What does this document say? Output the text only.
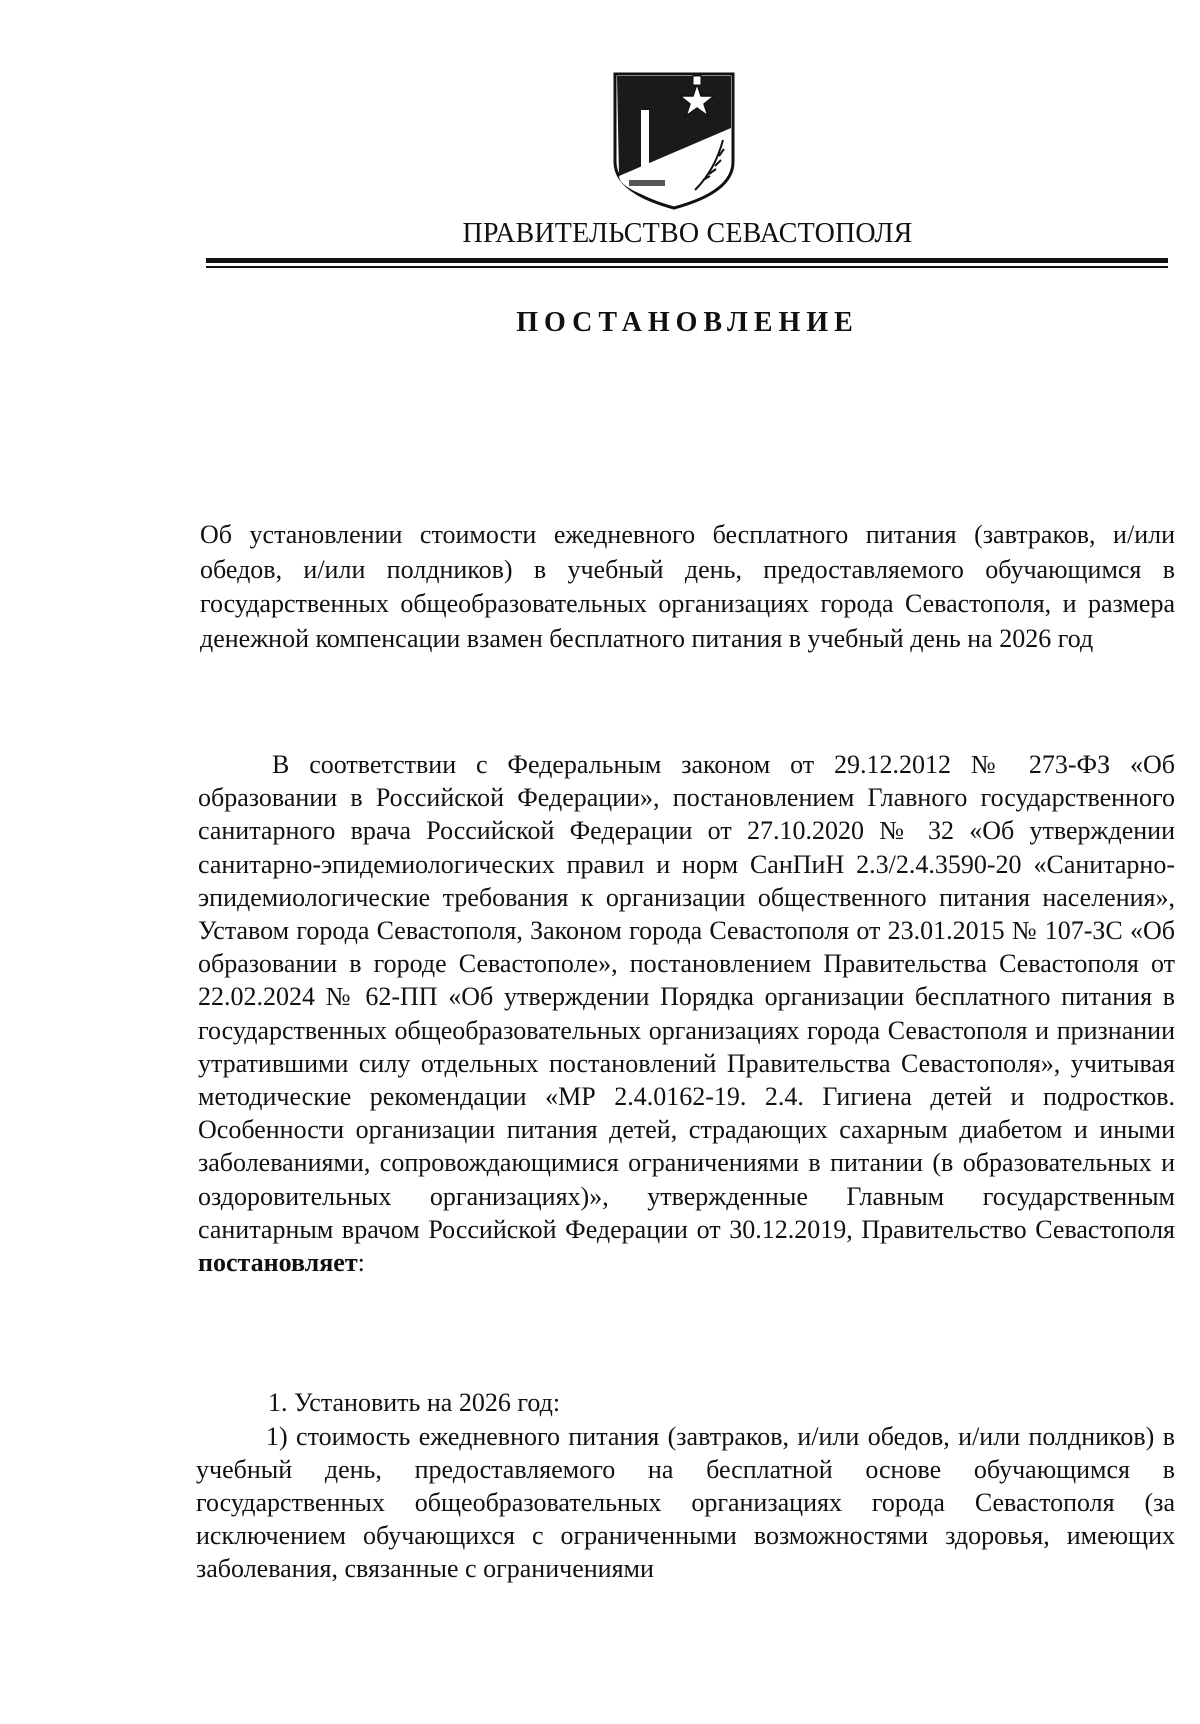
ПРАВИТЕЛЬСТВО СЕВАСТОПОЛЯ
ПОСТАНОВЛЕНИЕ

Об установлении стоимости ежедневного бесплатного питания (завтраков, и/или обедов, и/или полдников) в учебный день, предоставляемого обучающимся в государственных общеобразовательных организациях города Севастополя, и размера денежной компенсации взамен бесплатного питания в учебный день на 2026 год

В соответствии с Федеральным законом от 29.12.2012 № 273-ФЗ «Об образовании в Российской Федерации», постановлением Главного государственного санитарного врача Российской Федерации от 27.10.2020 № 32 «Об утверждении санитарно-эпидемиологических правил и норм СанПиН 2.3/2.4.3590-20 «Санитарно-эпидемиологические требования к организации общественного питания населения», Уставом города Севастополя, Законом города Севастополя от 23.01.2015 № 107-ЗС «Об образовании в городе Севастополе», постановлением Правительства Севастополя от 22.02.2024 № 62-ПП «Об утверждении Порядка организации бесплатного питания в государственных общеобразовательных организациях города Севастополя и признании утратившими силу отдельных постановлений Правительства Севастополя», учитывая методические рекомендации «МР 2.4.0162-19. 2.4. Гигиена детей и подростков. Особенности организации питания детей, страдающих сахарным диабетом и иными заболеваниями, сопровождающимися ограничениями в питании (в образовательных и оздоровительных организациях)», утвержденные Главным государственным санитарным врачом Российской Федерации от 30.12.2019, Правительство Севастополя постановляет:

1. Установить на 2026 год:

1) стоимость ежедневного питания (завтраков, и/или обедов, и/или полдников) в учебный день, предоставляемого на бесплатной основе обучающимся в государственных общеобразовательных организациях города Севастополя (за исключением обучающихся с ограниченными возможностями здоровья, имеющих заболевания, связанные с ограничениями
